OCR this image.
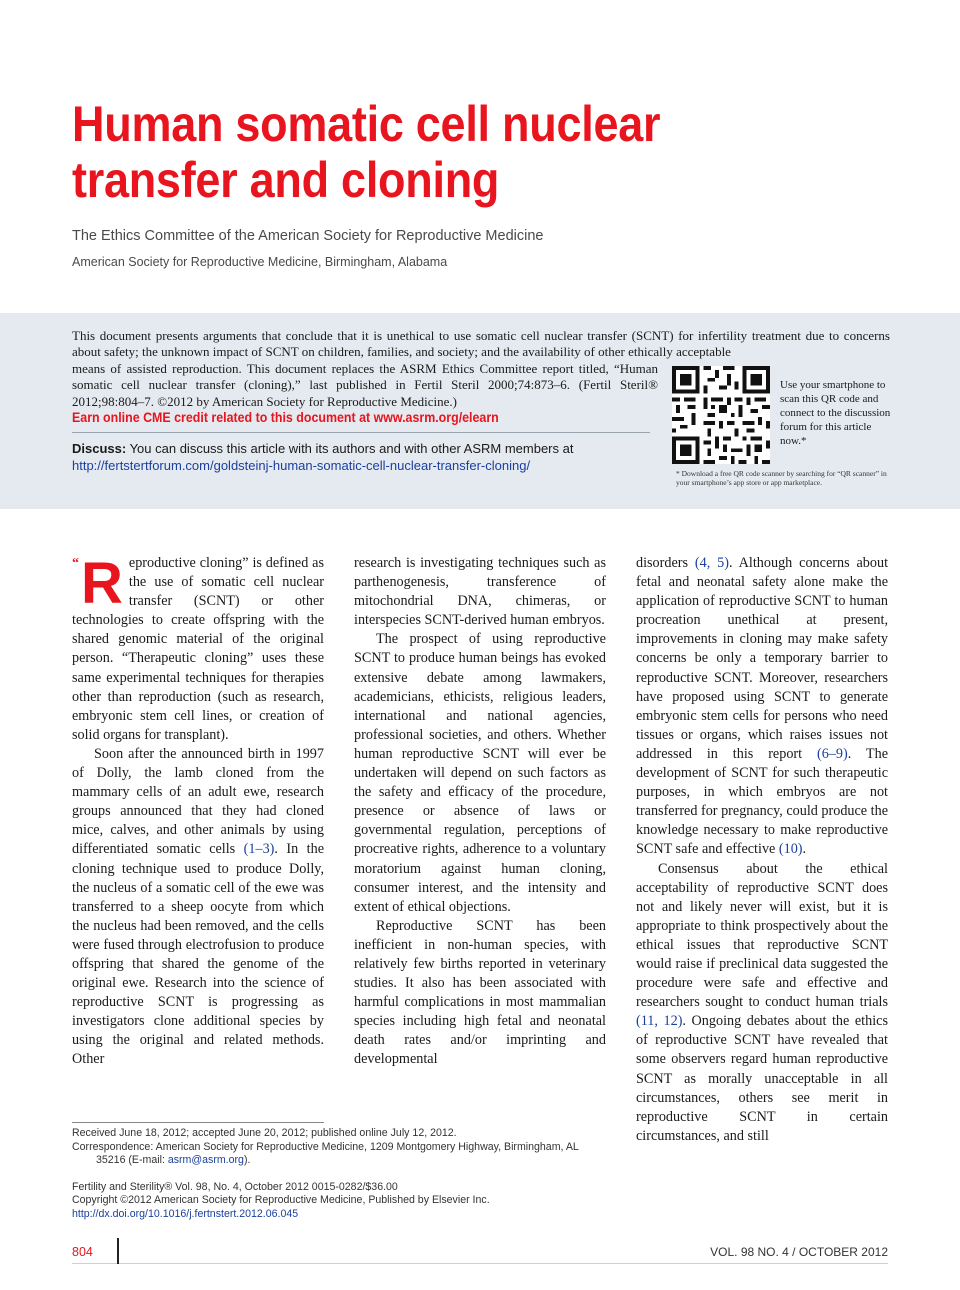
Human somatic cell nuclear transfer and cloning
The Ethics Committee of the American Society for Reproductive Medicine
American Society for Reproductive Medicine, Birmingham, Alabama

This document presents arguments that conclude that it is unethical to use somatic cell nuclear transfer (SCNT) for infertility treatment due to concerns about safety; the unknown impact of SCNT on children, families, and society; and the availability of other ethically acceptable

means of assisted reproduction. This document replaces the ASRM Ethics Committee report titled, “Human somatic cell nuclear transfer (cloning),” last published in Fertil Steril 2000;74:873–6. (Fertil Steril® 2012;98:804–7. ©2012 by American Society for Reproductive Medicine.)

Earn online CME credit related to this document at www.asrm.org/elearn
Discuss: You can discuss this article with its authors and with other ASRM members at http://fertstertforum.com/goldsteinj-human-somatic-cell-nuclear-transfer-cloning/
Use your smartphone to scan this QR code and connect to the discussion forum for this article now.*
* Download a free QR code scanner by searching for “QR scanner” in your smartphone’s app store or app marketplace.

“ R eproductive cloning” is defined as the use of somatic cell nuclear transfer (SCNT) or other technologies to create offspring with the shared genomic material of the original person. “Therapeutic cloning” uses these same experimental techniques for therapies other than reproduction (such as research, embryonic stem cell lines, or creation of solid organs for transplant).

Soon after the announced birth in 1997 of Dolly, the lamb cloned from the mammary cells of an adult ewe, research groups announced that they had cloned mice, calves, and other animals by using differentiated somatic cells (1–3). In the cloning technique used to produce Dolly, the nucleus of a somatic cell of the ewe was transferred to a sheep oocyte from which the nucleus had been removed, and the cells were fused through electrofusion to produce offspring that shared the genome of the original ewe. Research into the science of reproductive SCNT is progressing as investigators clone additional species by using the original and related methods. Other

research is investigating techniques such as parthenogenesis, transference of mitochondrial DNA, chimeras, or interspecies SCNT-derived human embryos.

The prospect of using reproductive SCNT to produce human beings has evoked extensive debate among lawmakers, academicians, ethicists, religious leaders, international and national agencies, professional societies, and others. Whether human reproductive SCNT will ever be undertaken will depend on such factors as the safety and efficacy of the procedure, presence or absence of laws or governmental regulation, perceptions of procreative rights, adherence to a voluntary moratorium against human cloning, consumer interest, and the intensity and extent of ethical objections.

Reproductive SCNT has been inefficient in non-human species, with relatively few births reported in veterinary studies. It also has been associated with harmful complications in most mammalian species including high fetal and neonatal death rates and/or imprinting and developmental

disorders (4, 5). Although concerns about fetal and neonatal safety alone make the application of reproductive SCNT to human procreation unethical at present, improvements in cloning may make safety concerns be only a temporary barrier to reproductive SCNT. Moreover, researchers have proposed using SCNT to generate embryonic stem cells for persons who need tissues or organs, which raises issues not addressed in this report (6–9). The development of SCNT for such therapeutic purposes, in which embryos are not transferred for pregnancy, could produce the knowledge necessary to make reproductive SCNT safe and effective (10).

Consensus about the ethical acceptability of reproductive SCNT does not and likely never will exist, but it is appropriate to think prospectively about the ethical issues that reproductive SCNT would raise if preclinical data suggested the procedure were safe and effective and researchers sought to conduct human trials (11, 12). Ongoing debates about the ethics of reproductive SCNT have revealed that some observers regard human reproductive SCNT as morally unacceptable in all circumstances, others see merit in reproductive SCNT in certain circumstances, and still

Received June 18, 2012; accepted June 20, 2012; published online July 12, 2012.

Correspondence: American Society for Reproductive Medicine, 1209 Montgomery Highway, Birmingham, AL 35216 (E-mail: asrm@asrm.org).

Fertility and Sterility® Vol. 98, No. 4, October 2012 0015-0282/$36.00

Copyright ©2012 American Society for Reproductive Medicine, Published by Elsevier Inc.

http://dx.doi.org/10.1016/j.fertnstert.2012.06.045

804	VOL. 98 NO. 4 / OCTOBER 2012
